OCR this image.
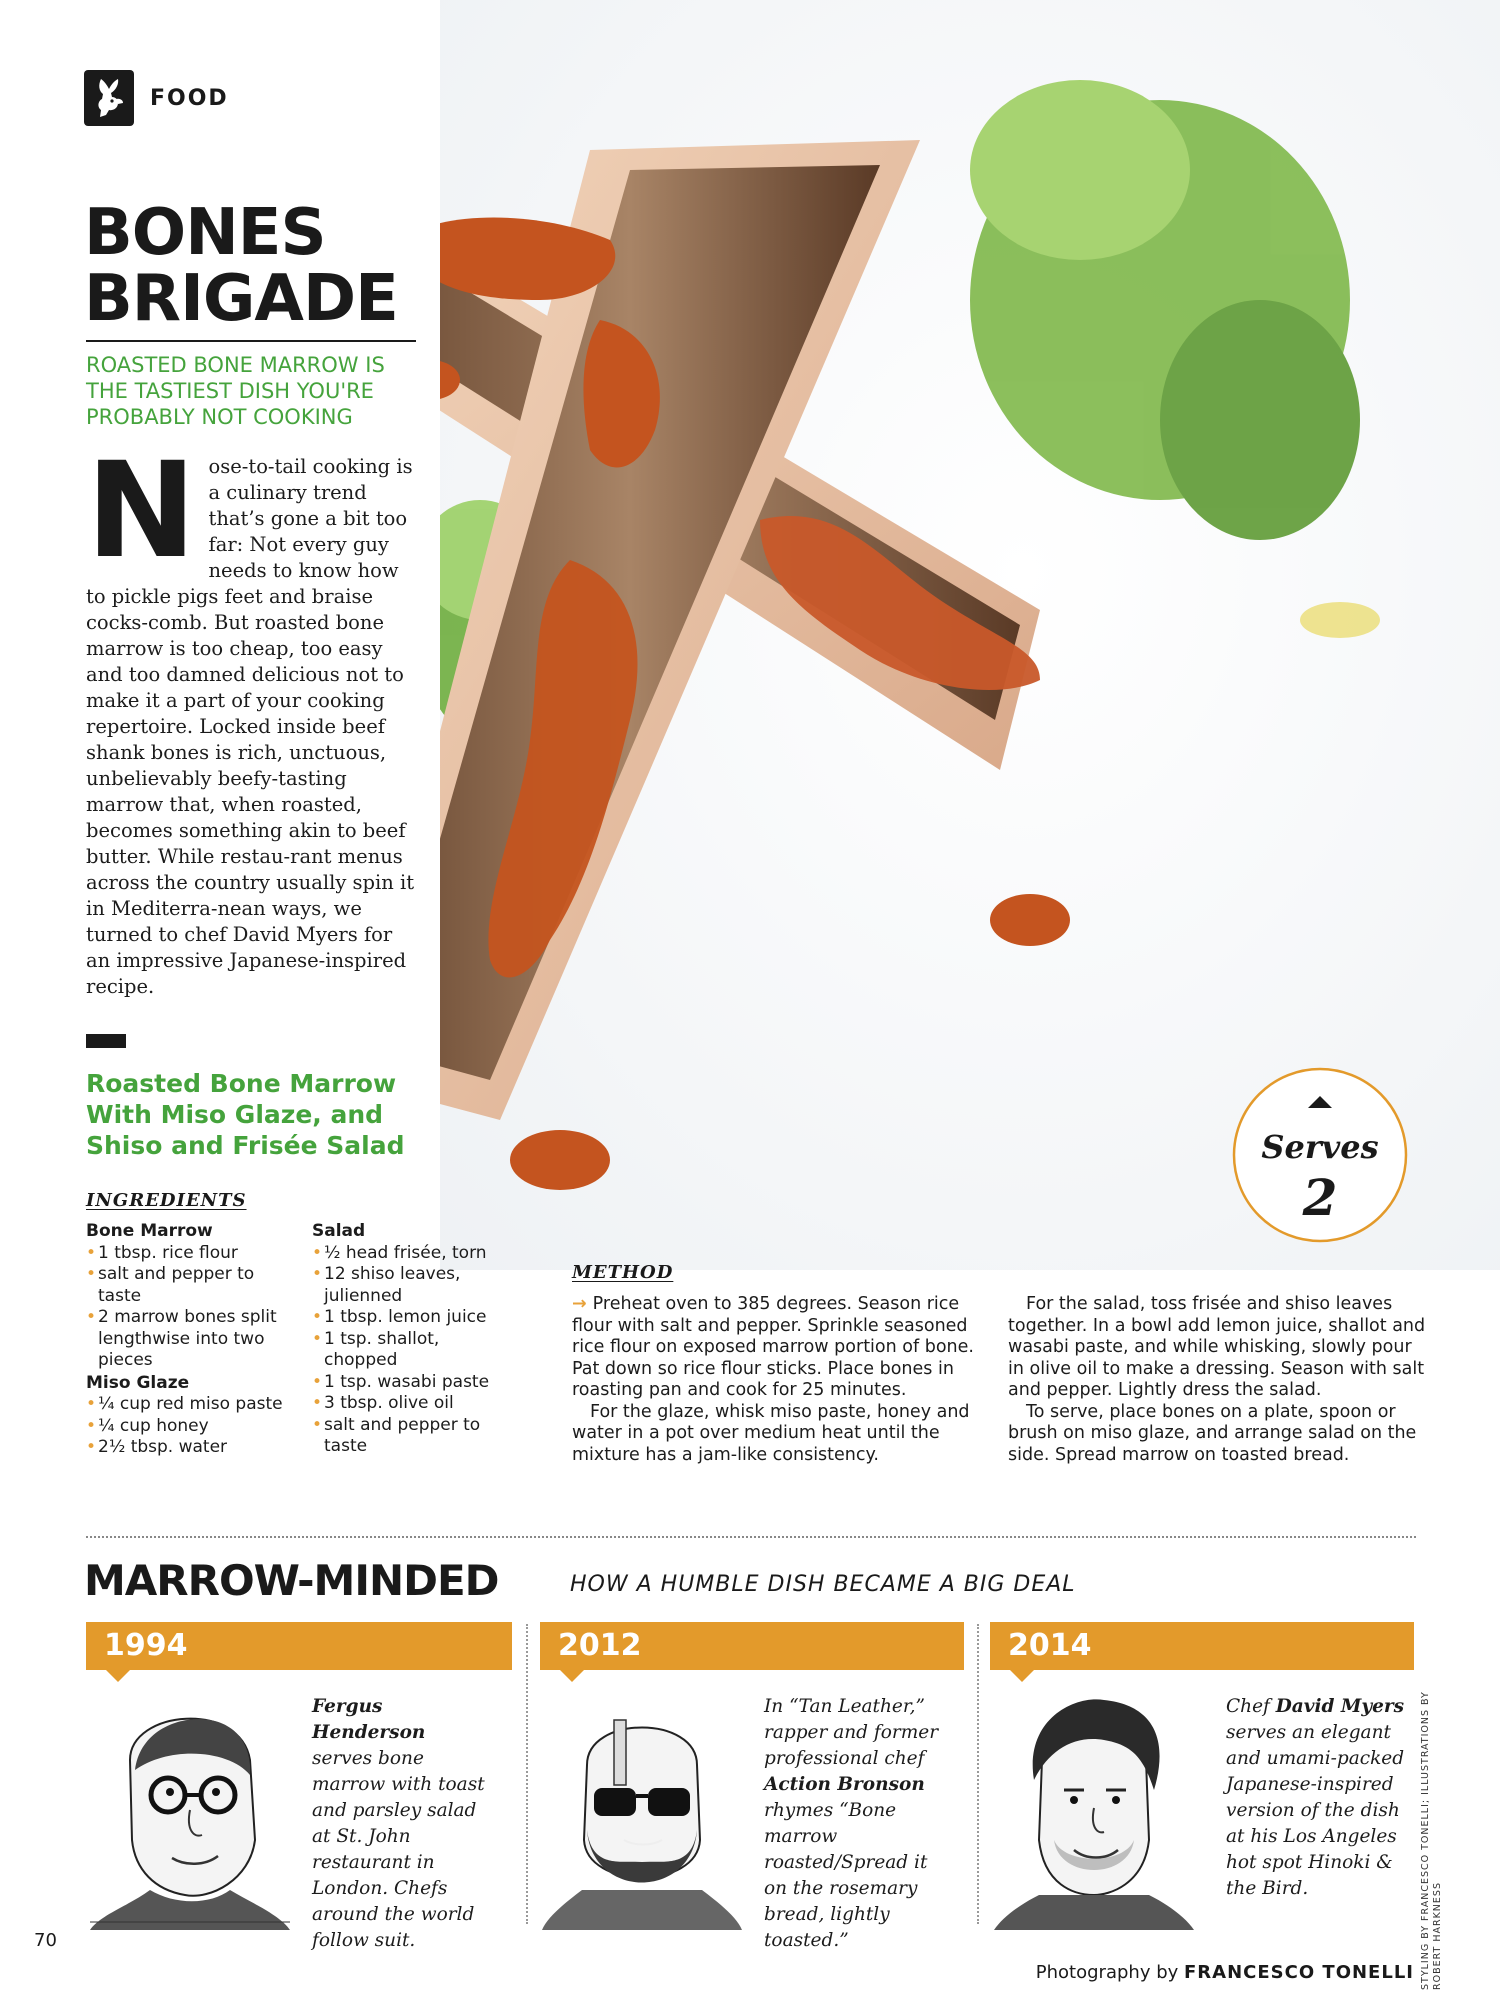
FOOD
BONES BRIGADE

ROASTED BONE MARROW IS THE TASTIEST DISH YOU'RE PROBABLY NOT COOKING

N ose-to-tail cooking is a culinary trend that’s gone a bit too far: Not every guy needs to know how to pickle pigs feet and braise cocks-comb. But roasted bone marrow is too cheap, too easy and too damned delicious not to make it a part of your cooking repertoire. Locked inside beef shank bones is rich, unctuous, unbelievably beefy-tasting marrow that, when roasted, becomes something akin to beef butter. While restau-rant menus across the country usually spin it in Mediterra-nean ways, we turned to chef David Myers for an impressive Japanese-inspired recipe.
Serves
2
Roasted Bone Marrow With Miso Glaze, and Shiso and Frisée Salad
INGREDIENTS
Bone Marrow
• 1 tbsp. rice flour
• salt and pepper to taste
• 2 marrow bones split lengthwise into two pieces
Miso Glaze
• ¼ cup red miso paste
• ¼ cup honey
• 2½ tbsp. water
Salad
• ½ head frisée, torn
• 12 shiso leaves, julienned
• 1 tbsp. lemon juice
• 1 tsp. shallot, chopped
• 1 tsp. wasabi paste
• 3 tbsp. olive oil
• salt and pepper to taste
METHOD

→ Preheat oven to 385 degrees. Season rice flour with salt and pepper. Sprinkle seasoned rice flour on exposed marrow portion of bone. Pat down so rice flour sticks. Place bones in roasting pan and cook for 25 minutes.

For the glaze, whisk miso paste, honey and water in a pot over medium heat until the mixture has a jam-like consistency.

For the salad, toss frisée and shiso leaves together. In a bowl add lemon juice, shallot and wasabi paste, and while whisking, slowly pour in olive oil to make a dressing. Season with salt and pepper. Lightly dress the salad.

To serve, place bones on a plate, spoon or brush on miso glaze, and arrange salad on the side. Spread marrow on toasted bread.

MARROW-MINDED	HOW A HUMBLE DISH BECAME A BIG DEAL
1994	2012	2014

Fergus Henderson serves bone marrow with toast and parsley salad at St. John restaurant in London. Chefs around the world follow suit.

In “Tan Leather,” rapper and former professional chef Action Bronson rhymes “Bone marrow roasted/Spread it on the rosemary bread, lightly toasted.”

Chef David Myers serves an elegant and umami-packed Japanese-inspired version of the dish at his Los Angeles hot spot Hinoki & the Bird.	STYLING BY FRANCESCO TONELLI; ILLUSTRATIONS BY ROBERT HARKNESS
70
Photography by FRANCESCO TONELLI
